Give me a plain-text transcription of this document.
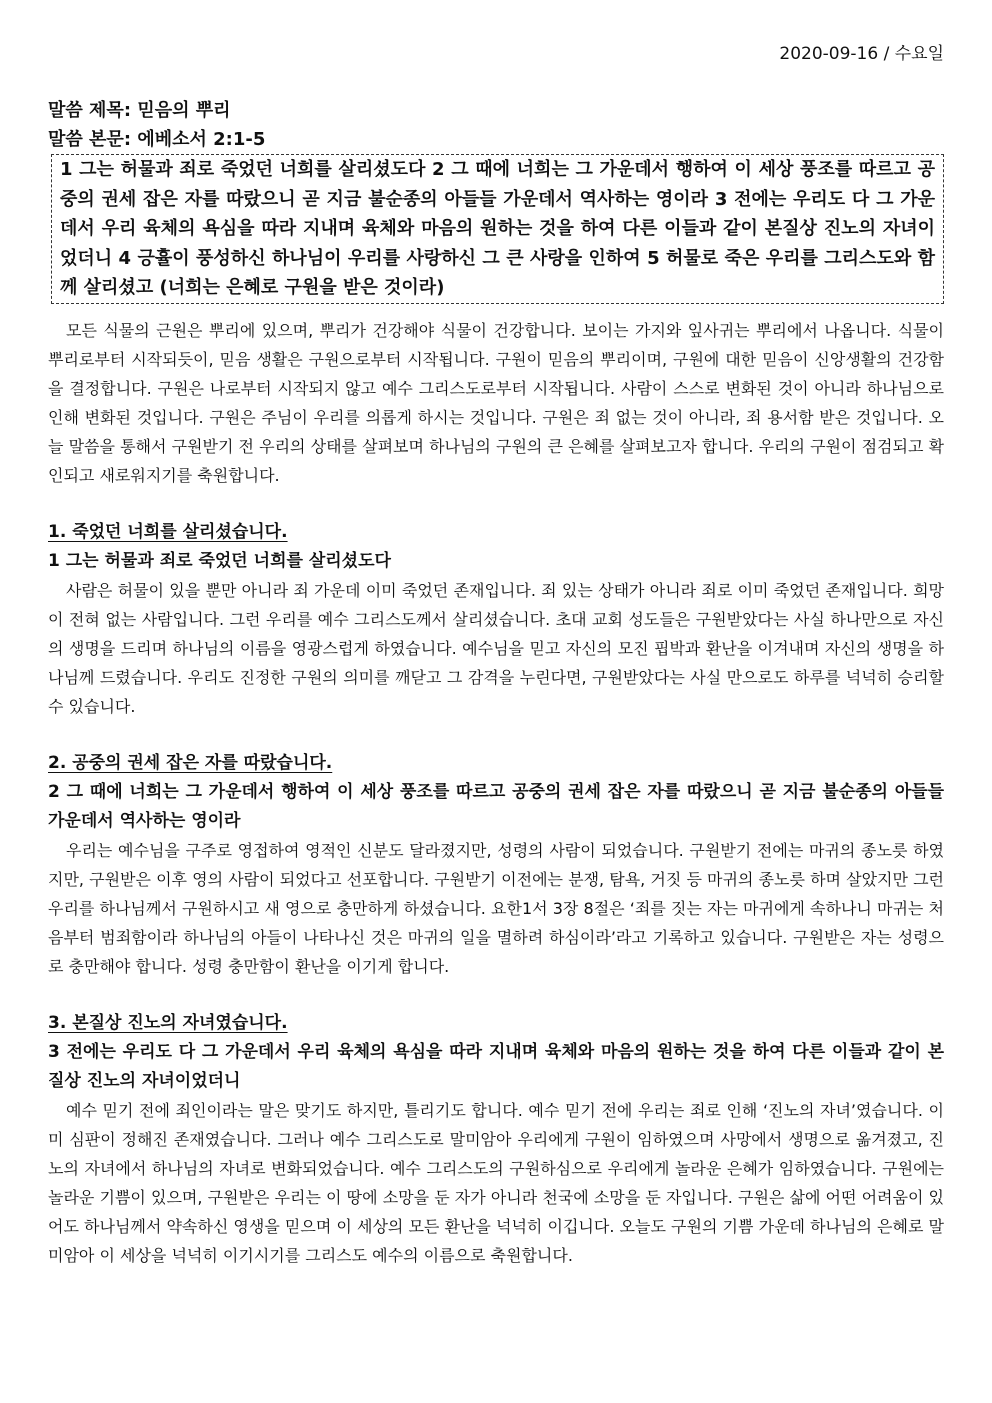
2020-09-16 / 수요일
말씀 제목: 믿음의 뿌리
말씀 본문: 에베소서 2:1-5
1 그는 허물과 죄로 죽었던 너희를 살리셨도다 2 그 때에 너희는 그 가운데서 행하여 이 세상 풍조를 따르고 공중의 권세 잡은 자를 따랐으니 곧 지금 불순종의 아들들 가운데서 역사하는 영이라 3 전에는 우리도 다 그 가운데서 우리 육체의 욕심을 따라 지내며 육체와 마음의 원하는 것을 하여 다른 이들과 같이 본질상 진노의 자녀이었더니 4 긍휼이 풍성하신 하나님이 우리를 사랑하신 그 큰 사랑을 인하여 5 허물로 죽은 우리를 그리스도와 함께 살리셨고 (너희는 은혜로 구원을 받은 것이라)

모든 식물의 근원은 뿌리에 있으며, 뿌리가 건강해야 식물이 건강합니다. 보이는 가지와 잎사귀는 뿌리에서 나옵니다. 식물이 뿌리로부터 시작되듯이, 믿음 생활은 구원으로부터 시작됩니다. 구원이 믿음의 뿌리이며, 구원에 대한 믿음이 신앙생활의 건강함을 결정합니다. 구원은 나로부터 시작되지 않고 예수 그리스도로부터 시작됩니다. 사람이 스스로 변화된 것이 아니라 하나님으로 인해 변화된 것입니다. 구원은 주님이 우리를 의롭게 하시는 것입니다. 구원은 죄 없는 것이 아니라, 죄 용서함 받은 것입니다. 오늘 말씀을 통해서 구원받기 전 우리의 상태를 살펴보며 하나님의 구원의 큰 은혜를 살펴보고자 합니다. 우리의 구원이 점검되고 확인되고 새로워지기를 축원합니다.

1. 죽었던 너희를 살리셨습니다.
1 그는 허물과 죄로 죽었던 너희를 살리셨도다

사람은 허물이 있을 뿐만 아니라 죄 가운데 이미 죽었던 존재입니다. 죄 있는 상태가 아니라 죄로 이미 죽었던 존재입니다. 희망이 전혀 없는 사람입니다. 그런 우리를 예수 그리스도께서 살리셨습니다. 초대 교회 성도들은 구원받았다는 사실 하나만으로 자신의 생명을 드리며 하나님의 이름을 영광스럽게 하였습니다. 예수님을 믿고 자신의 모진 핍박과 환난을 이겨내며 자신의 생명을 하나님께 드렸습니다. 우리도 진정한 구원의 의미를 깨닫고 그 감격을 누린다면, 구원받았다는 사실 만으로도 하루를 넉넉히 승리할 수 있습니다.

2. 공중의 권세 잡은 자를 따랐습니다.
2 그 때에 너희는 그 가운데서 행하여 이 세상 풍조를 따르고 공중의 권세 잡은 자를 따랐으니 곧 지금 불순종의 아들들 가운데서 역사하는 영이라

우리는 예수님을 구주로 영접하여 영적인 신분도 달라졌지만, 성령의 사람이 되었습니다. 구원받기 전에는 마귀의 종노릇 하였지만, 구원받은 이후 영의 사람이 되었다고 선포합니다. 구원받기 이전에는 분쟁, 탐욕, 거짓 등 마귀의 종노릇 하며 살았지만 그런 우리를 하나님께서 구원하시고 새 영으로 충만하게 하셨습니다. 요한1서 3장 8절은 ‘죄를 짓는 자는 마귀에게 속하나니 마귀는 처음부터 범죄함이라 하나님의 아들이 나타나신 것은 마귀의 일을 멸하려 하심이라’라고 기록하고 있습니다. 구원받은 자는 성령으로 충만해야 합니다. 성령 충만함이 환난을 이기게 합니다.

3. 본질상 진노의 자녀였습니다.
3 전에는 우리도 다 그 가운데서 우리 육체의 욕심을 따라 지내며 육체와 마음의 원하는 것을 하여 다른 이들과 같이 본질상 진노의 자녀이었더니

예수 믿기 전에 죄인이라는 말은 맞기도 하지만, 틀리기도 합니다. 예수 믿기 전에 우리는 죄로 인해 ‘진노의 자녀’였습니다. 이미 심판이 정해진 존재였습니다. 그러나 예수 그리스도로 말미암아 우리에게 구원이 임하였으며 사망에서 생명으로 옮겨졌고, 진노의 자녀에서 하나님의 자녀로 변화되었습니다. 예수 그리스도의 구원하심으로 우리에게 놀라운 은혜가 임하였습니다. 구원에는 놀라운 기쁨이 있으며, 구원받은 우리는 이 땅에 소망을 둔 자가 아니라 천국에 소망을 둔 자입니다. 구원은 삶에 어떤 어려움이 있어도 하나님께서 약속하신 영생을 믿으며 이 세상의 모든 환난을 넉넉히 이깁니다. 오늘도 구원의 기쁨 가운데 하나님의 은혜로 말미암아 이 세상을 넉넉히 이기시기를 그리스도 예수의 이름으로 축원합니다.
